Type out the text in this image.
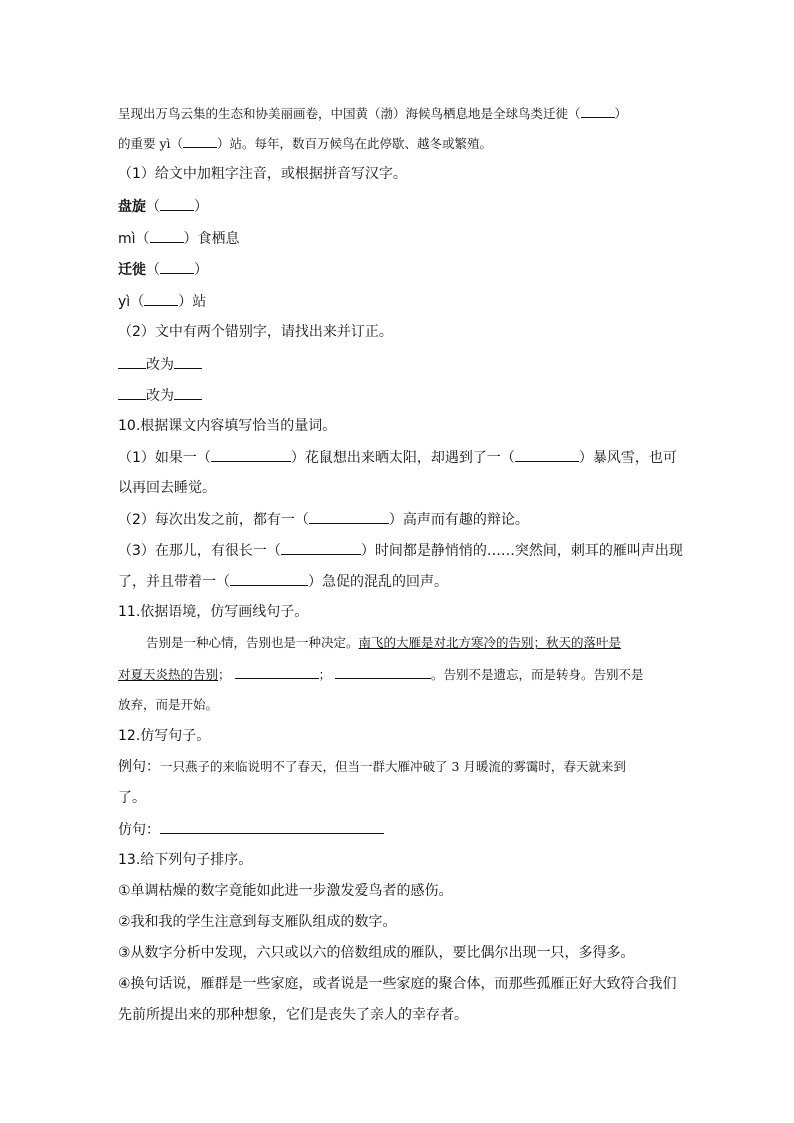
呈现出万鸟云集的生态和协美丽画卷，中国黄（渤）海候鸟栖息地是全球鸟类迁徙（	）
的重要 yì（	）站。每年，数百万候鸟在此停歇、越冬或繁殖。
（1）给文中加粗字注音，或根据拼音写汉字。
盘旋（ ）
mì（ ）食栖息
迁徙（ ）
yì（ ）站
（2）文中有两个错别字，请找出来并订正。
改为
改为
10.根据课文内容填写恰当的量词。
（1）如果一（	）花鼠想出来晒太阳，却遇到了一（	）暴风雪，也可
以再回去睡觉。
（2）每次出发之前，都有一（	）高声而有趣的辩论。
（3）在那儿，有很长一（	）时间都是静悄悄的……突然间，刺耳的雁叫声出现
了，并且带着一（	）急促的混乱的回声。
11.依据语境，仿写画线句子。
告别是一种心情，告别也是一种决定。南飞的大雁是对北方寒冷的告别；秋天的落叶是
对夏天炎热的告别；	；	。告别不是遗忘，而是转身。告别不是
放弃，而是开始。
12.仿写句子。
例句：一只燕子的来临说明不了春天，但当一群大雁冲破了 3 月暖流的雾霭时，春天就来到
了。
仿句：
13.给下列句子排序。
①单调枯燥的数字竟能如此进一步激发爱鸟者的感伤。
②我和我的学生注意到每支雁队组成的数字。
③从数字分析中发现，六只或以六的倍数组成的雁队，要比偶尔出现一只，多得多。
④换句话说，雁群是一些家庭，或者说是一些家庭的聚合体，而那些孤雁正好大致符合我们
先前所提出来的那种想象，它们是丧失了亲人的幸存者。
